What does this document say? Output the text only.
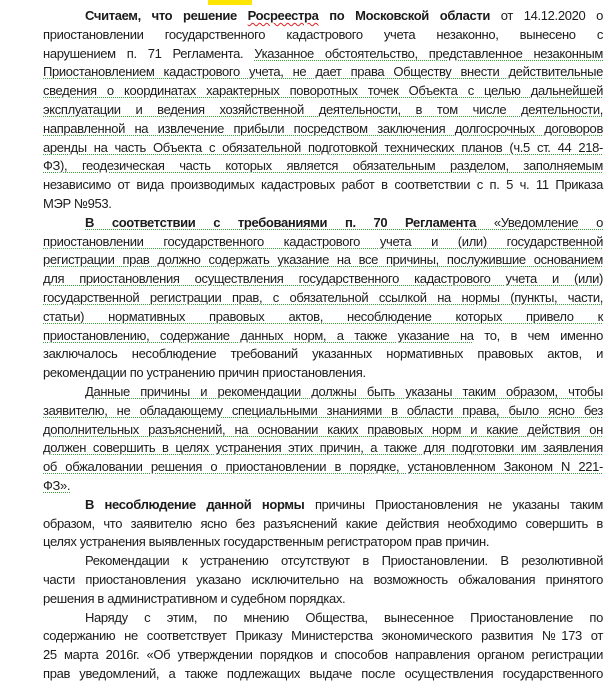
Считаем, что решение Росреестра по Московской области от 14.12.2020 о
приостановлении государственного кадастрового учета незаконно, вынесено с
нарушением п. 71 Регламента. Указанное обстоятельство, представленное незаконным
Приостановлением кадастрового учета, не дает права Обществу внести действительные
сведения о координатах характерных поворотных точек Объекта с целью дальнейшей
эксплуатации и ведения хозяйственной деятельности, в том числе деятельности,
направленной на извлечение прибыли посредством заключения долгосрочных договоров
аренды на часть Объекта с обязательной подготовкой технических планов (ч.5 ст. 44 218-
ФЗ), геодезическая часть которых является обязательным разделом, заполняемым
независимо от вида производимых кадастровых работ в соответствии с п. 5 ч. 11 Приказа
МЭР №953.
В соответствии с требованиями п. 70 Регламента «Уведомление о
приостановлении государственного кадастрового учета и (или) государственной
регистрации прав должно содержать указание на все причины, послужившие основанием
для приостановления осуществления государственного кадастрового учета и (или)
государственной регистрации прав, с обязательной ссылкой на нормы (пункты, части,
статьи) нормативных правовых актов, несоблюдение которых привело к
приостановлению, содержание данных норм, а также указание на то, в чем именно
заключалось несоблюдение требований указанных нормативных правовых актов, и
рекомендации по устранению причин приостановления.
Данные причины и рекомендации должны быть указаны таким образом, чтобы
заявителю, не обладающему специальными знаниями в области права, было ясно без
дополнительных разъяснений, на основании каких правовых норм и какие действия он
должен совершить в целях устранения этих причин, а также для подготовки им заявления
об обжаловании решения о приостановлении в порядке, установленном Законом N 221-
ФЗ».
В несоблюдение данной нормы причины Приостановления не указаны таким
образом, что заявителю ясно без разъяснений какие действия необходимо совершить в
целях устранения выявленных государственным регистратором прав причин.
Рекомендации к устранению отсутствуют в Приостановлении. В резолютивной
части приостановления указано исключительно на возможность обжалования принятого
решения в административном и судебном порядках.
Наряду с этим, по мнению Общества, вынесенное Приостановление по
содержанию не соответствует Приказу Министерства экономического развития №173 от
25 марта 2016г. «Об утверждении порядков и способов направления органом регистрации
прав уведомлений, а также подлежащих выдаче после осуществления государственного
